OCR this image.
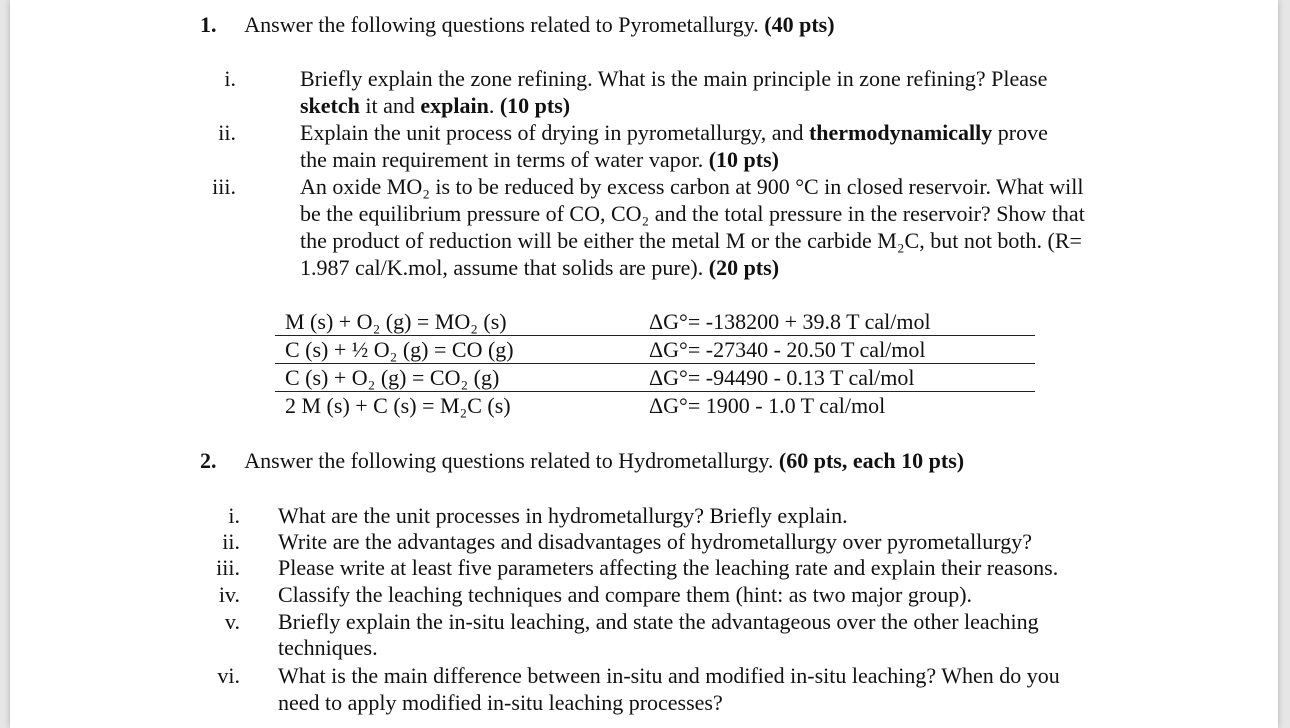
1. Answer the following questions related to Pyrometallurgy. (40 pts)
i.	Briefly explain the zone refining. What is the main principle in zone refining? Please
sketch it and explain. (10 pts)
ii.	Explain the unit process of drying in pyrometallurgy, and thermodynamically prove
the main requirement in terms of water vapor. (10 pts)
iii.	An oxide MO₂ is to be reduced by excess carbon at 900 °C in closed reservoir. What will
be the equilibrium pressure of CO, CO₂ and the total pressure in the reservoir? Show that
the product of reduction will be either the metal M or the carbide M₂C, but not both. (R=
1.987 cal/K.mol, assume that solids are pure). (20 pts)
M (s) + O₂ (g) = MO₂ (s)	ΔG°= -138200 + 39.8 T cal/mol
C (s) + ½ O₂ (g) = CO (g)	ΔG°= -27340 - 20.50 T cal/mol
C (s) + O₂ (g) = CO₂ (g)	ΔG°= -94490 - 0.13 T cal/mol
2 M (s) + C (s) = M₂C (s)	ΔG°= 1900 - 1.0 T cal/mol
2. Answer the following questions related to Hydrometallurgy. (60 pts, each 10 pts)
i. What are the unit processes in hydrometallurgy? Briefly explain.
ii. Write are the advantages and disadvantages of hydrometallurgy over pyrometallurgy?
iii. Please write at least five parameters affecting the leaching rate and explain their reasons.
iv. Classify the leaching techniques and compare them (hint: as two major group).
v. Briefly explain the in-situ leaching, and state the advantageous over the other leaching
techniques.
vi. What is the main difference between in-situ and modified in-situ leaching? When do you
need to apply modified in-situ leaching processes?
